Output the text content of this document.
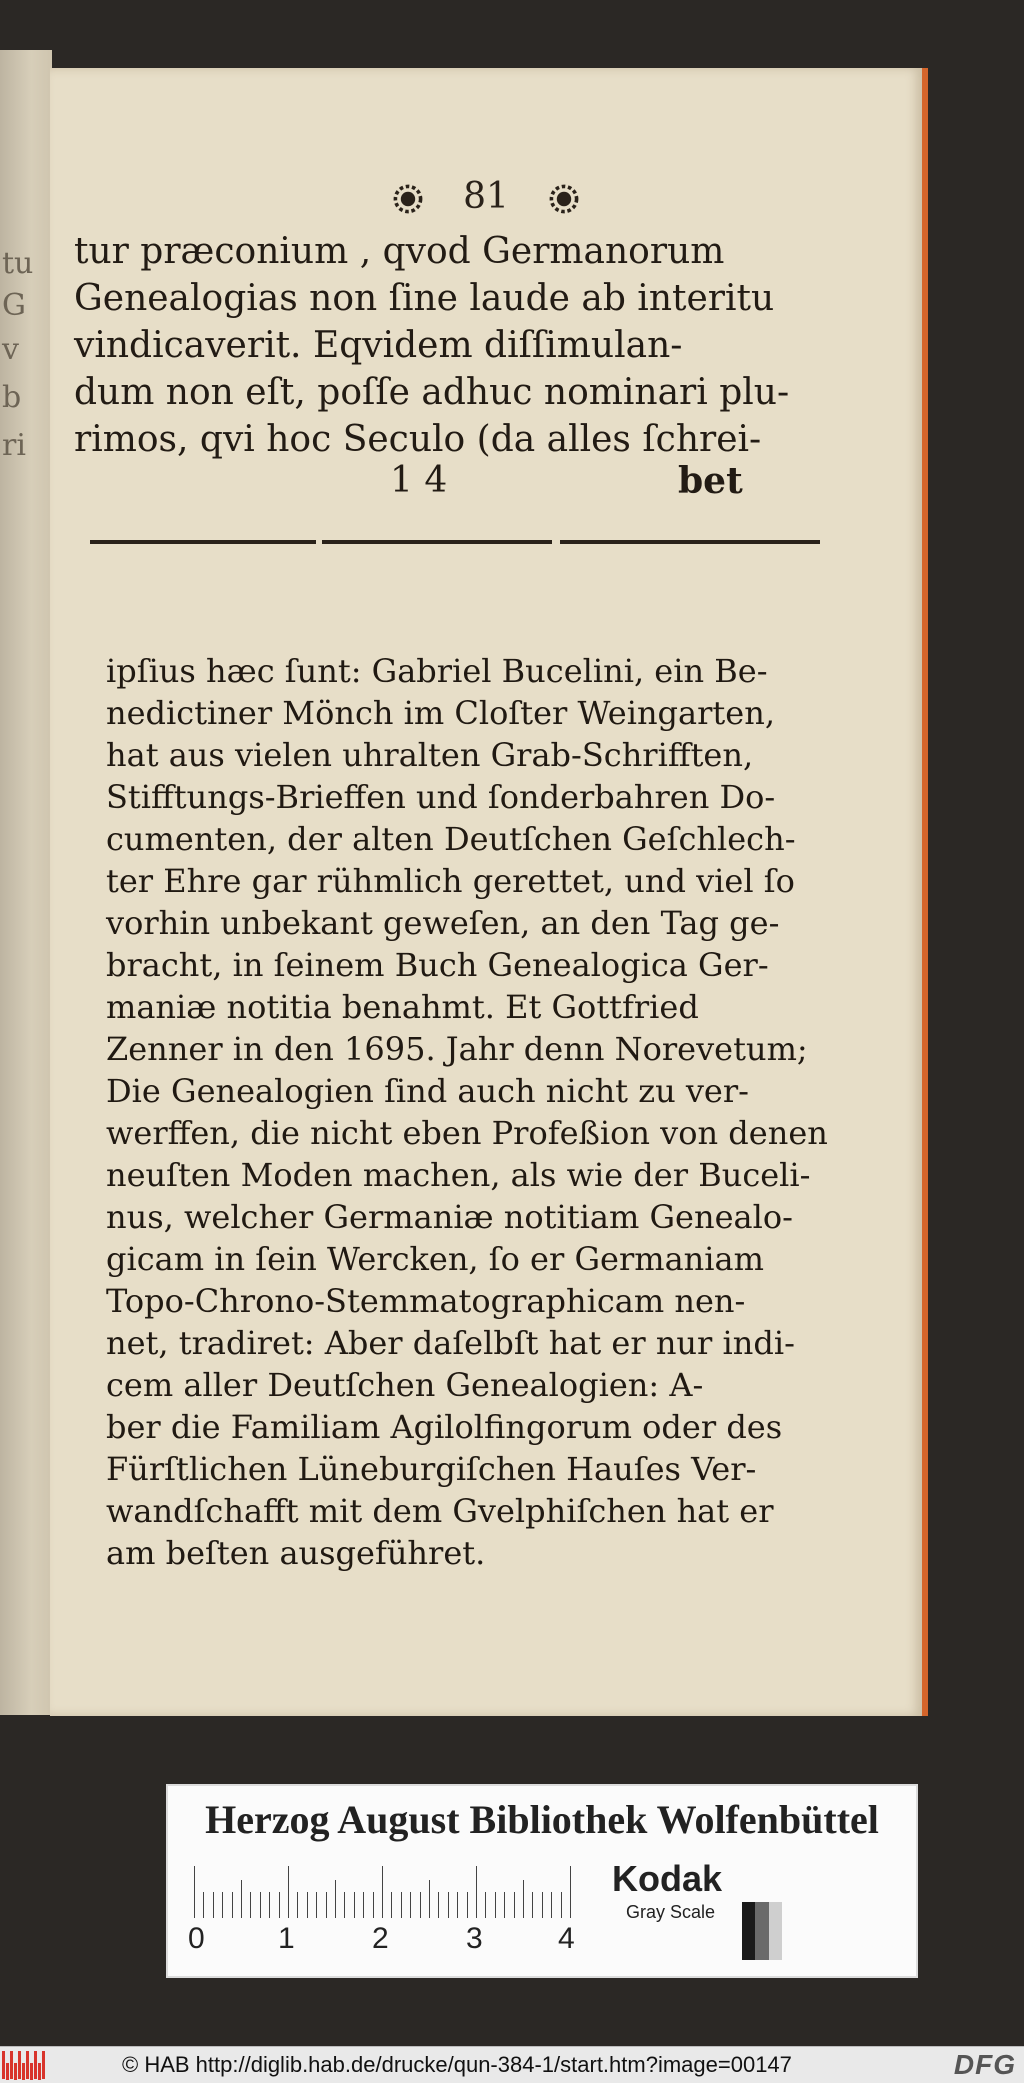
tu
G
v
b
ri
81
tur præconium , qvod Germanorum
Genealogias non ſine laude ab interitu
vindicaverit. Eqvidem diſſimulan-
dum non eſt, poſſe adhuc nominari plu-
rimos, qvi hoc Seculo (da alles ſchrei-
1 4	bet
ipſius hæc ſunt: Gabriel Bucelini, ein Be-
nedictiner Mönch im Cloſter Weingarten,
hat aus vielen uhralten Grab-Schrifften,
Stifftungs-Brieffen und ſonderbahren Do-
cumenten, der alten Deutſchen Geſchlech-
ter Ehre gar rühmlich gerettet, und viel ſo
vorhin unbekant geweſen, an den Tag ge-
bracht, in ſeinem Buch Genealogica Ger-
maniæ notitia benahmt. Et Gottfried
Zenner in den 1695. Jahr denn Norevetum;
Die Genealogien ſind auch nicht zu ver-
werffen, die nicht eben Profeßion von denen
neuſten Moden machen, als wie der Buceli-
nus, welcher Germaniæ notitiam Genealo-
gicam in ſein Wercken, ſo er Germaniam
Topo-Chrono-Stemmatographicam nen-
net, tradiret: Aber daſelbſt hat er nur indi-
cem aller Deutſchen Genealogien: A-
ber die Familiam Agilolfingorum oder des
Fürſtlichen Lüneburgiſchen Hauſes Ver-
wandſchafft mit dem Gvelphiſchen hat er
am beſten ausgeführet.
Herzog August Bibliothek Wolfenbüttel
0 1	2	3	4
Kodak
Gray Scale
© HAB http://diglib.hab.de/drucke/qun-384-1/start.htm?image=00147	DFG
